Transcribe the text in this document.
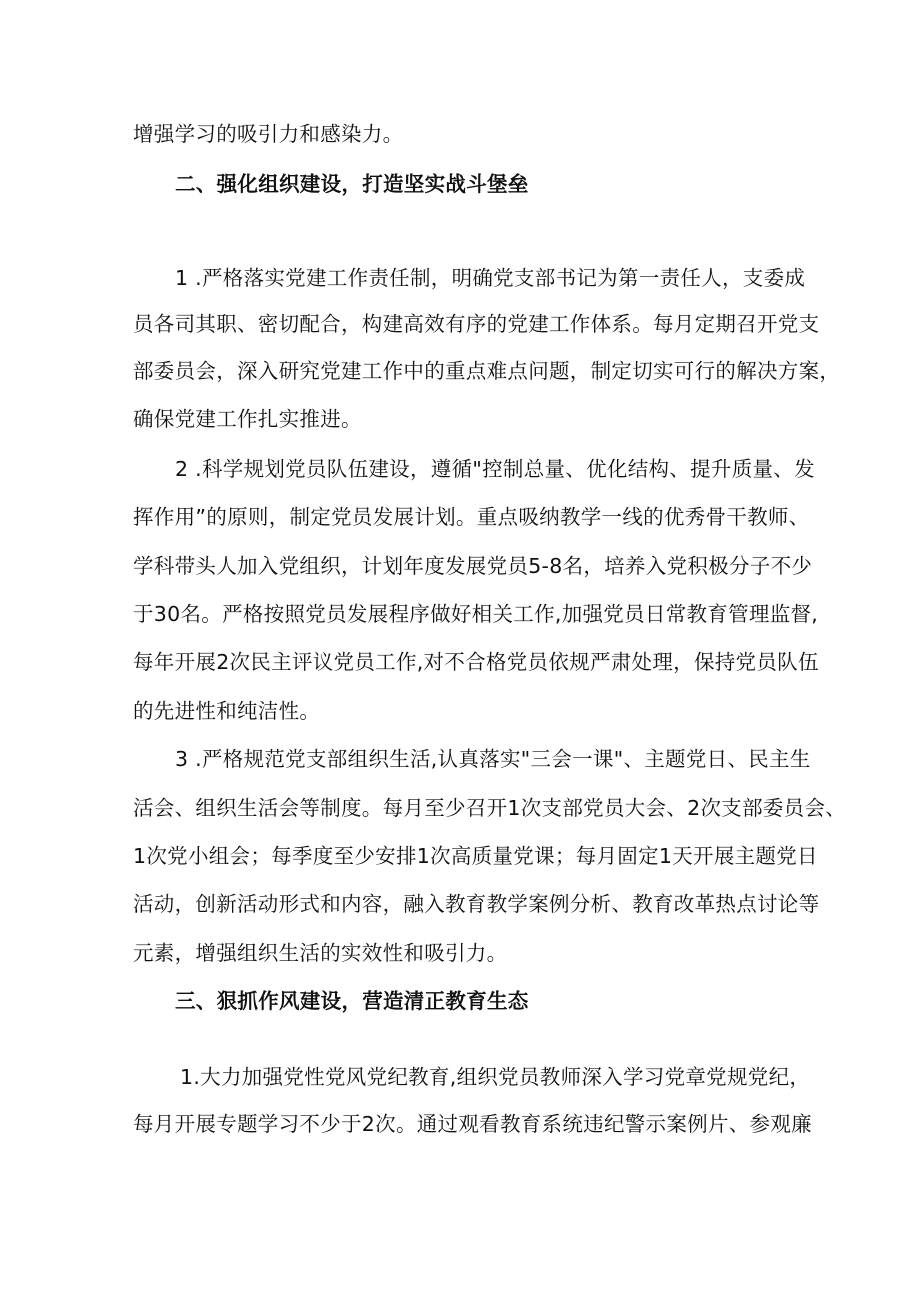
增强学习的吸引力和感染力。
二、强化组织建设，打造坚实战斗堡垒
1 .严格落实党建工作责任制，明确党支部书记为第一责任人，支委成
员各司其职、密切配合，构建高效有序的党建工作体系。每月定期召开党支
部委员会，深入研究党建工作中的重点难点问题，制定切实可行的解决方案，
确保党建工作扎实推进。
2 .科学规划党员队伍建设，遵循"控制总量、优化结构、提升质量、发
挥作用”的原则，制定党员发展计划。重点吸纳教学一线的优秀骨干教师、
学科带头人加入党组织，计划年度发展党员5-8名，培养入党积极分子不少
于30名。严格按照党员发展程序做好相关工作,加强党员日常教育管理监督,
每年开展2次民主评议党员工作,对不合格党员依规严肃处理，保持党员队伍
的先进性和纯洁性。
3 .严格规范党支部组织生活,认真落实"三会一课"、主题党日、民主生
活会、组织生活会等制度。每月至少召开1次支部党员大会、2次支部委员会、
1次党小组会；每季度至少安排1次高质量党课；每月固定1天开展主题党日
活动，创新活动形式和内容，融入教育教学案例分析、教育改革热点讨论等
元素，增强组织生活的实效性和吸引力。
三、狠抓作风建设，营造清正教育生态
1.大力加强党性党风党纪教育,组织党员教师深入学习党章党规党纪，
每月开展专题学习不少于2次。通过观看教育系统违纪警示案例片、参观廉
